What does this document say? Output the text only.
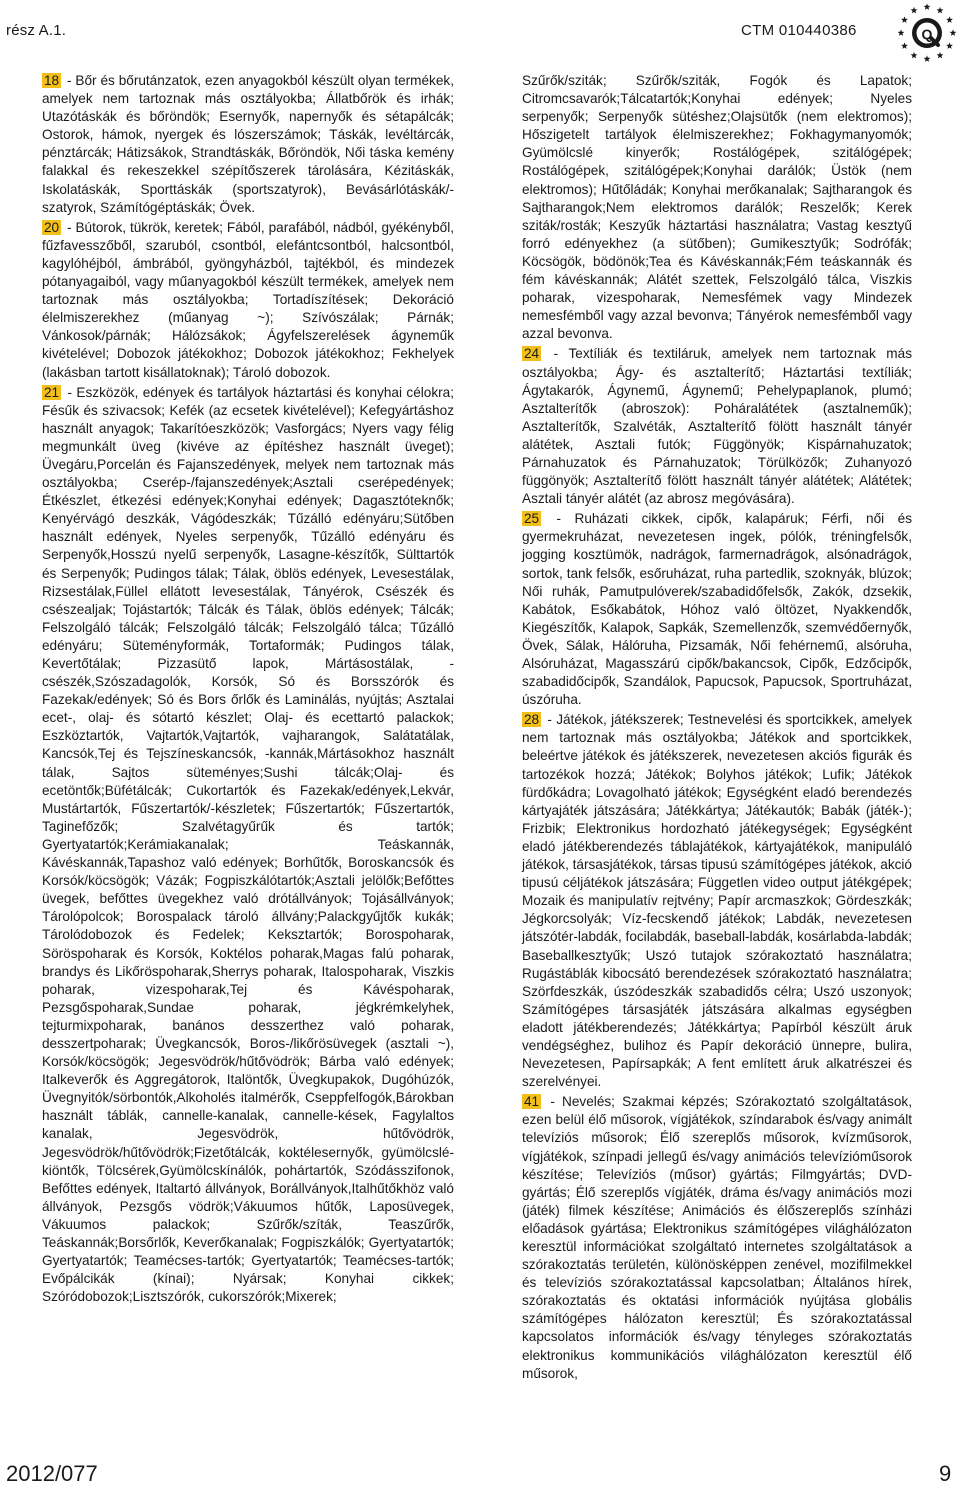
rész A.1.	CTM 010440386	Q

18 - Bőr és bőrutánzatok, ezen anyagokból készült olyan termékek, amelyek nem tartoznak más osztályokba; Állatbőrök és irhák; Utazótáskák és bőröndök; Esernyők, napernyők és sétapálcák; Ostorok, hámok, nyergek és lószerszámok; Táskák, levéltárcák, pénztárcák; Hátizsákok, Strandtáskák, Bőröndök, Női táska kemény falakkal és rekeszekkel szépítőszerek tárolására, Kézitáskák, Iskolatáskák, Sporttáskák (sportszatyrok), Bevásárlótáskák/-szatyrok, Számítógéptáskák; Övek.

20 - Bútorok, tükrök, keretek; Fából, parafából, nádból, gyékényből, fűzfavesszőből, szaruból, csontból, elefántcsontból, halcsontból, kagylóhéjból, ámbrából, gyöngyházból, tajtékból, és mindezek pótanyagaiból, vagy műanyagokból készült termékek, amelyek nem tartoznak más osztályokba; Tortadíszítések; Dekoráció élelmiszerekhez (műanyag ~); Szívószálak; Párnák; Vánkosok/párnák; Hálózsákok; Ágyfelszerelések ágyneműk kivételével; Dobozok játékokhoz; Dobozok játékokhoz; Fekhelyek (lakásban tartott kisállatoknak); Tároló dobozok.

21 - Eszközök, edények és tartályok háztartási és konyhai célokra; Fésűk és szivacsok; Kefék (az ecsetek kivételével); Kefegyártáshoz használt anyagok; Takarítóeszközök; Vasforgács; Nyers vagy félig megmunkált üveg (kivéve az építéshez használt üveget); Üvegáru,Porcelán és Fajanszedények, melyek nem tartoznak más osztályokba; Cserép-/fajanszedények;Asztali cserépedények; Étkészlet, étkezési edények;Konyhai edények; Dagasztóteknők; Kenyérvágó deszkák, Vágódeszkák; Tűzálló edényáru;Sütőben használt edények, Nyeles serpenyők, Tűzálló edényáru és Serpenyők,Hosszú nyelű serpenyők, Lasagne-készítők, Sülttartók és Serpenyők; Pudingos tálak; Tálak, öblös edények, Levesestálak, Rizsestálak,Füllel ellátott levesestálak, Tányérok, Csészék és csészealjak; Tojástartók; Tálcák és Tálak, öblös edények; Tálcák; Felszolgáló tálcák; Felszolgáló tálcák; Felszolgáló tálca; Tűzálló edényáru; Süteményformák, Tortaformák; Pudingos tálak, Kevertőtálak; Pizzasütő lapok, Mártásostálak, -csészék,Szószadagolók, Korsók, Só és Borsszórók és Fazekak/edények; Só és Bors őrlők és Laminálás, nyújtás; Asztalai ecet-, olaj- és sótartó készlet; Olaj- és ecettartó palackok; Eszköztartók, Vajtartók,Vajtartók, vajharangok, Salátatálak, Kancsók,Tej és Tejszíneskancsók, -kannák,Mártásokhoz használt tálak, Sajtos süteményes;Sushi tálcák;Olaj- és ecetöntők;Büfétálcák; Cukortartók és Fazekak/edények,Lekvár, Mustártartók, Fűszertartók/-készletek; Fűszertartók; Fűszertartók, Taginefőzők; Szalvétagyűrűk és tartók; Gyertyatartók;Kerámiakanalak; Teáskannák, Kávéskannák,Tapashoz való edények; Borhűtők, Boroskancsók és Korsók/köcsögök; Vázák; Fogpiszkálótartók;Asztali jelölők;Befőttes üvegek, befőttes üvegekhez való drótállványok; Tojásállványok; Tárolópolcok; Borospalack tároló állvány;Palackgyűjtők kukák; Tárolódobozok és Fedelek; Keksztartók; Borospoharak, Söröspoharak és Korsók, Koktélos poharak,Magas falú poharak, brandys és Likőröspoharak,Sherrys poharak, Italospoharak, Viszkis poharak, vizespoharak,Tej és Kávéspoharak, Pezsgőspoharak,Sundae poharak, jégkrémkelyhek, tejturmixpoharak, banános desszerthez való poharak, desszertpoharak; Üvegkancsók, Boros-/likőrösüvegek (asztali ~), Korsók/köcsögök; Jegesvödrök/hűtővödrök; Bárba való edények; Italkeverők és Aggregátorok, Italöntők, Üvegkupakok, Dugóhúzók, Üvegnyitók/sörbontók,Alkoholés italmérők, Cseppfelfogók,Bárokban használt táblák, cannelle-kanalak, cannelle-kések, Fagylaltos kanalak, Jegesvödrök, hűtővödrök, Jegesvödrök/hűtővödrök;Fizetőtálcák, koktélesernyők, gyümölcslé-kiöntők, Tölcsérek,Gyümölcskínálók, pohártartók, Szódásszifonok, Befőttes edények, Italtartó állványok, Borállványok,Italhűtőkhöz való állványok, Pezsgős vödrök;Vákuumos hűtők, Laposüvegek, Vákuumos palackok; Szűrők/szíták, Teaszűrők, Teáskannák;Borsőrlők, Keverőkanalak; Fogpiszkálók; Gyertyatartók; Gyertyatartók; Teamécses-tartók; Gyertyatartók; Teamécses-tartók; Evőpálcikák (kínai); Nyársak; Konyhai cikkek; Szóródobozok;Lisztszórók, cukorszórók;Mixerek;

Szűrők/sziták; Szűrők/sziták, Fogók és Lapatok; Citromcsavarók;Tálcatartók;Konyhai edények; Nyeles serpenyők; Serpenyők sütéshez;Olajsütők (nem elektromos); Hőszigetelt tartályok élelmiszerekhez; Fokhagymanyomók; Gyümölcslé kinyerők; Rostálógépek, szitálógépek; Rostálógépek, szitálógépek;Konyhai darálók; Üstök (nem elektromos); Hűtőládák; Konyhai merőkanalak; Sajtharangok és Sajtharangok;Nem elektromos darálók; Reszelők; Kerek sziták/rosták; Keszyűk háztartási használatra; Vastag kesztyű forró edényekhez (a sütőben); Gumikesztyűk; Sodrófák; Köcsögök, bödönök;Tea és Kávéskannák;Fém teáskannák és fém kávéskannák; Alátét szettek, Felszolgáló tálca, Viszkis poharak, vizespoharak, Nemesfémek vagy Mindezek nemesfémből vagy azzal bevonva; Tányérok nemesfémből vagy azzal bevonva.

24 - Textíliák és textiláruk, amelyek nem tartoznak más osztályokba; Ágy- és asztalterítő; Háztartási textíliák; Ágytakarók, Ágynemű, Ágynemű; Pehelypaplanok, plumó; Asztalterítők (abroszok): Poháralátétek (asztalneműk); Asztalterítők, Szalvéták, Asztalterítő fölött használt tányér alátétek, Asztali futók; Függönyök; Kispárnahuzatok; Párnahuzatok és Párnahuzatok; Törülközők; Zuhanyozó függönyök; Asztalterítő fölött használt tányér alátétek; Alátétek; Asztali tányér alátét (az abrosz megóvására).

25 - Ruházati cikkek, cipők, kalapáruk; Férfi, női és gyermekruházat, nevezetesen ingek, pólók, tréningfelsők, jogging kosztümök, nadrágok, farmernadrágok, alsónadrágok, sortok, tank felsők, esőruházat, ruha partedlik, szoknyák, blúzok; Női ruhák, Pamutpulóverek/szabadidőfelsők, Zakók, dzsekik, Kabátok, Esőkabátok, Hóhoz való öltözet, Nyakkendők, Kiegészítők, Kalapok, Sapkák, Szemellenzők, szemvédőernyők, Övek, Sálak, Hálóruha, Pizsamák, Női fehérnemű, alsóruha, Alsóruházat, Magasszárú cipők/bakancsok, Cipők, Edzőcipők, szabadidőcipők, Szandálok, Papucsok, Papucsok, Sportruházat, úszóruha.

28 - Játékok, játékszerek; Testnevelési és sportcikkek, amelyek nem tartoznak más osztályokba; Játékok and sportcikkek, beleértve játékok és játékszerek, nevezetesen akciós figurák és tartozékok hozzá; Játékok; Bolyhos játékok; Lufik; Játékok fürdőkádra; Lovagolható játékok; Egységként eladó berendezés kártyajáték játszására; Játékkártya; Játékautók; Babák (játék-); Frizbik; Elektronikus hordozható játékegységek; Egységként eladó játékberendezés táblajátékok, kártyajátékok, manipuláló játékok, társasjátékok, társas tipusú számítógépes játékok, akció tipusú céljátékok játszására; Független video output játékgépek; Mozaik és manipulatív rejtvény; Papír arcmaszkok; Gördeszkák; Jégkorcsolyák; Víz-fecskendő játékok; Labdák, nevezetesen játszótér-labdák, focilabdák, baseball-labdák, kosárlabda-labdák; Baseballkesztyűk; Uszó tutajok szórakoztató használatra; Rugástáblák kibocsátó berendezések szórakoztató használatra; Szörfdeszkák, úszódeszkák szabadidős célra; Uszó uszonyok; Számítógépes társasjáték játszására alkalmas egységben eladott játékberendezés; Játékkártya; Papírból készült áruk vendégséghez, bulihoz és Papír dekoráció ünnepre, bulira, Nevezetesen, Papírsapkák; A fent említett áruk alkatrészei és szerelvényei.

41 - Nevelés; Szakmai képzés; Szórakoztató szolgáltatások, ezen belül élő műsorok, vígjátékok, színdarabok és/vagy animált televíziós műsorok; Élő szereplős műsorok, kvízműsorok, vígjátékok, színpadi jellegű és/vagy animációs televízióműsorok készítése; Televíziós (műsor) gyártás; Filmgyártás; DVD-gyártás; Élő szereplős vígjáték, dráma és/vagy animációs mozi (játék) filmek készítése; Animációs és élőszereplős színházi előadások gyártása; Elektronikus számítógépes világhálózaton keresztül információkat szolgáltató internetes szolgáltatások a szórakoztatás területén, különösképpen zenével, mozifilmekkel és televíziós szórakoztatással kapcsolatban; Általános hírek, szórakoztatás és oktatási információk nyújtása globális számítógépes hálózaton keresztül; És szórakoztatással kapcsolatos információk és/vagy tényleges szórakoztatás elektronikus kommunikációs világhálózaton keresztül élő műsorok,

2012/077	9
